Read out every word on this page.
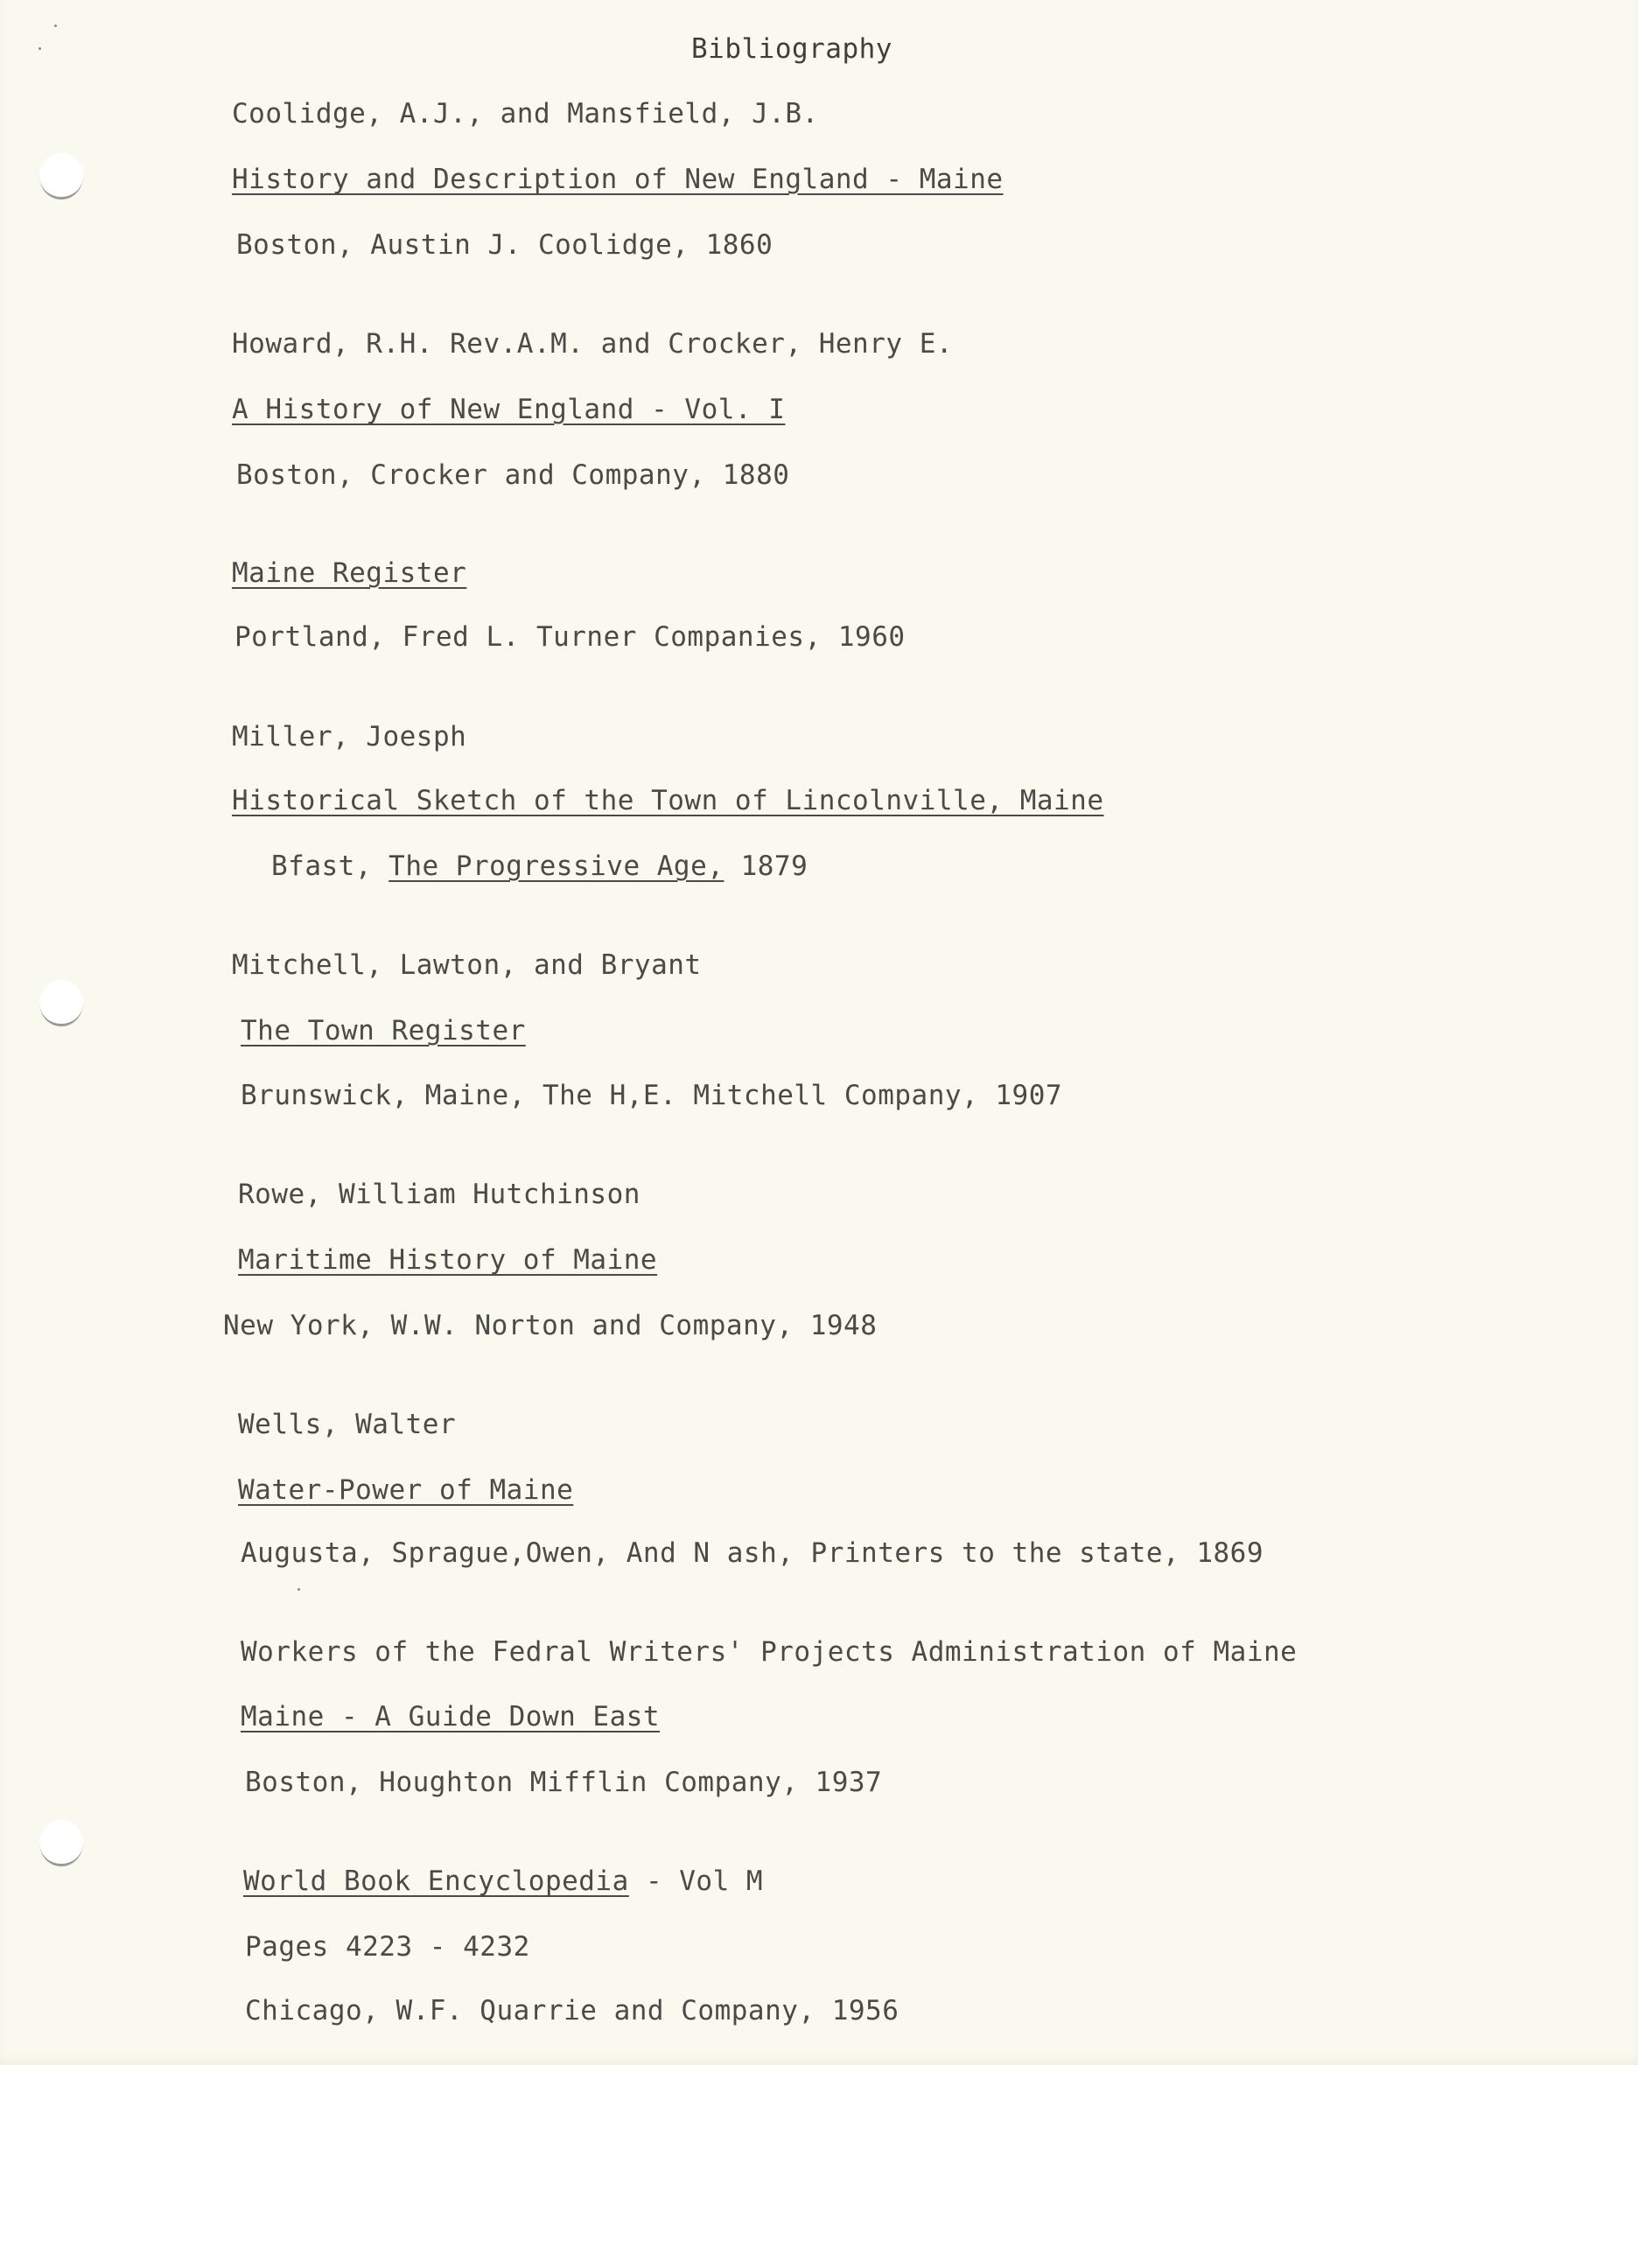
Bibliography
Coolidge, A.J., and Mansfield, J.B.
History and Description of New England - Maine
Boston, Austin J. Coolidge, 1860
Howard, R.H. Rev.A.M. and Crocker, Henry E.
A History of New England - Vol. I
Boston, Crocker and Company, 1880
Maine Register
Portland, Fred L. Turner Companies, 1960
Miller, Joesph
Historical Sketch of the Town of Lincolnville, Maine
Bfast, The Progressive Age, 1879
Mitchell, Lawton, and Bryant
The Town Register
Brunswick, Maine, The H,E. Mitchell Company, 1907
Rowe, William Hutchinson
Maritime History of Maine
New York, W.W. Norton and Company, 1948
Wells, Walter
Water-Power of Maine
Augusta, Sprague,Owen, And N ash, Printers to the state, 1869
Workers of the Fedral Writers' Projects Administration of Maine
Maine - A Guide Down East
Boston, Houghton Mifflin Company, 1937
World Book Encyclopedia - Vol M
Pages 4223 - 4232
Chicago, W.F. Quarrie and Company, 1956
